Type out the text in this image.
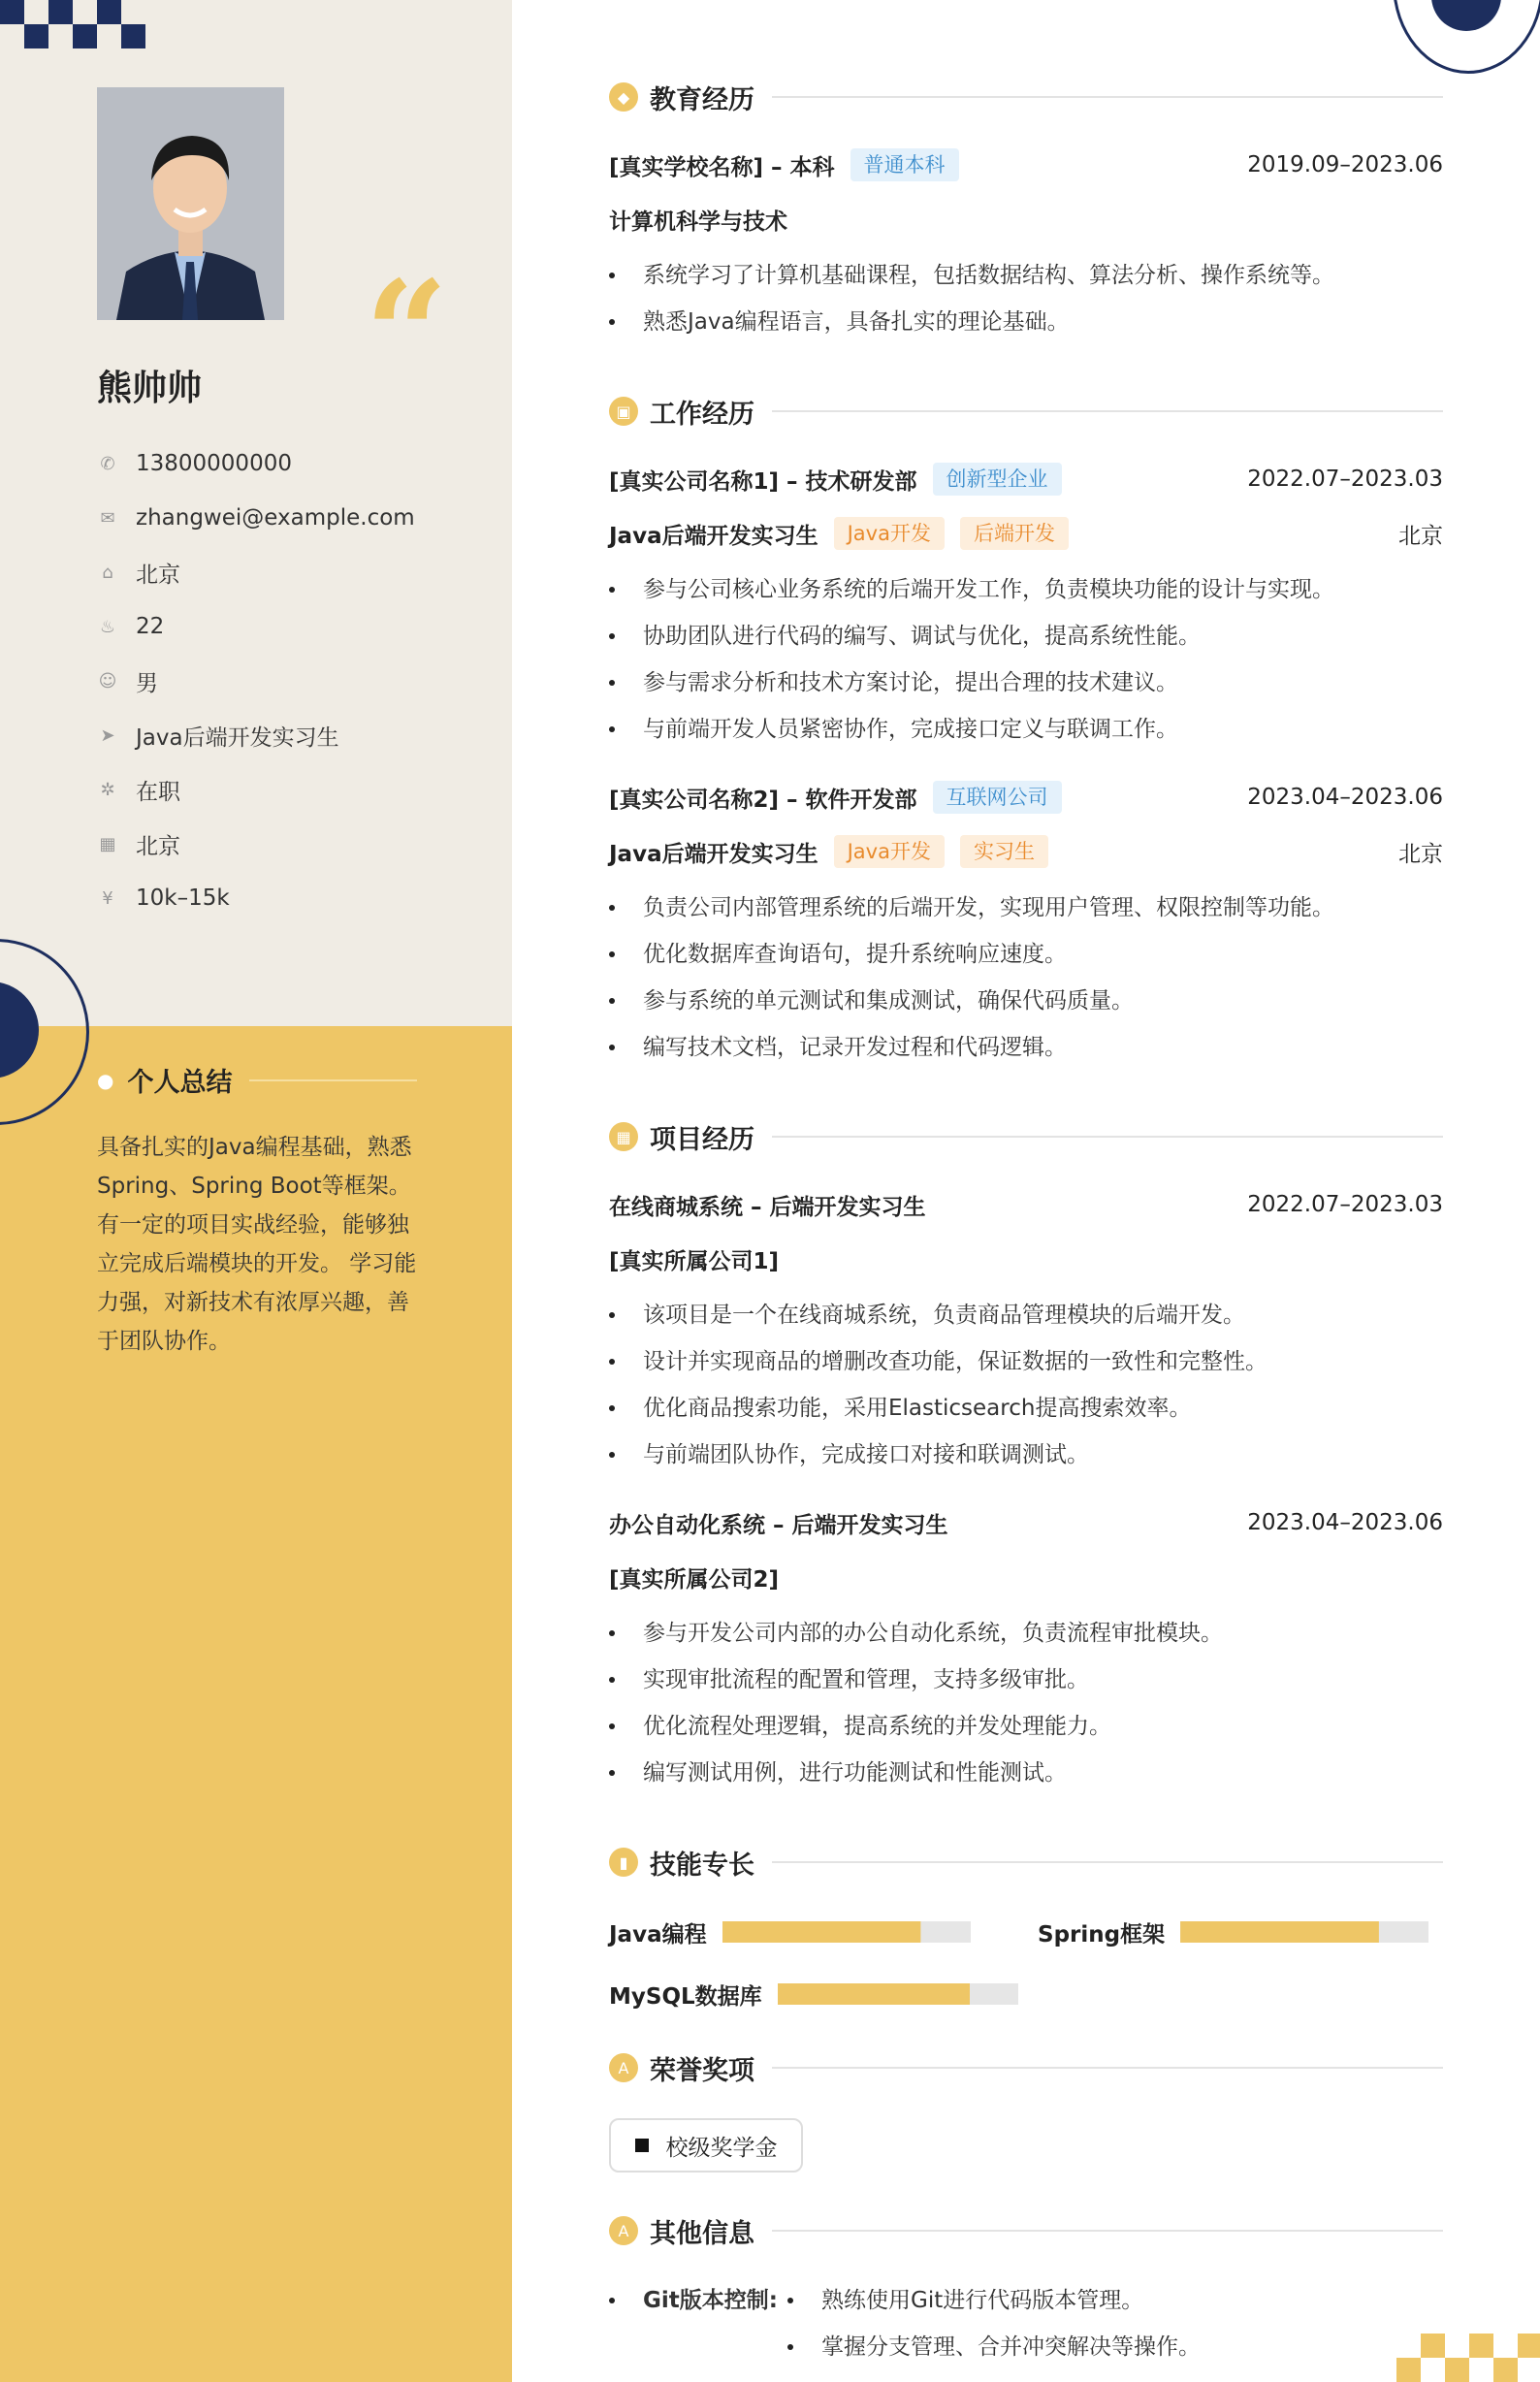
“
熊帅帅
✆ 13800000000
✉ zhangwei@example.com
⌂ 北京
♨ 22
☺ 男
➤ Java后端开发实习生
✲ 在职
▦ 北京
¥ 10k–15k
● 个人总结
具备扎实的Java编程基础，熟悉Spring、Spring Boot等框架。 有一定的项目实战经验，能够独立完成后端模块的开发。 学习能力强，对新技术有浓厚兴趣，善于团队协作。
◆ 教育经历
[真实学校名称] – 本科	普通本科	2019.09–2023.06
计算机科学与技术
系统学习了计算机基础课程，包括数据结构、算法分析、操作系统等。
熟悉Java编程语言，具备扎实的理论基础。
▣ 工作经历
[真实公司名称1] – 技术研发部	创新型企业	2022.07–2023.03
Java后端开发实习生	Java开发	后端开发	北京
参与公司核心业务系统的后端开发工作，负责模块功能的设计与实现。
协助团队进行代码的编写、调试与优化，提高系统性能。
参与需求分析和技术方案讨论，提出合理的技术建议。
与前端开发人员紧密协作，完成接口定义与联调工作。
[真实公司名称2] – 软件开发部	互联网公司	2023.04–2023.06
Java后端开发实习生	Java开发	实习生	北京
负责公司内部管理系统的后端开发，实现用户管理、权限控制等功能。
优化数据库查询语句，提升系统响应速度。
参与系统的单元测试和集成测试，确保代码质量。
编写技术文档，记录开发过程和代码逻辑。
▦ 项目经历
在线商城系统 – 后端开发实习生	2022.07–2023.03
[真实所属公司1]
该项目是一个在线商城系统，负责商品管理模块的后端开发。
设计并实现商品的增删改查功能，保证数据的一致性和完整性。
优化商品搜索功能，采用Elasticsearch提高搜索效率。
与前端团队协作，完成接口对接和联调测试。
办公自动化系统 – 后端开发实习生	2023.04–2023.06
[真实所属公司2]
参与开发公司内部的办公自动化系统，负责流程审批模块。
实现审批流程的配置和管理，支持多级审批。
优化流程处理逻辑，提高系统的并发处理能力。
编写测试用例，进行功能测试和性能测试。
▮ 技能专长
Java编程	Spring框架
MySQL数据库
A 荣誉奖项
校级奖学金
A 其他信息
Git版本控制:	熟练使用Git进行代码版本管理。
掌握分支管理、合并冲突解决等操作。
